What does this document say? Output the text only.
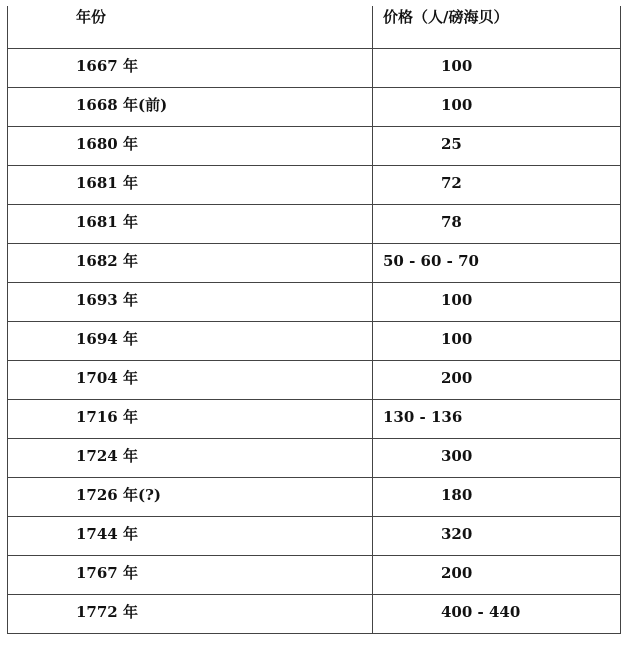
年份	价格（人/磅海贝）
1667 年	100
1668 年(前)	100
1680 年	25
1681 年	72
1681 年	78
1682 年	50 - 60 - 70
1693 年	100
1694 年	100
1704 年	200
1716 年	130 - 136
1724 年	300
1726 年(?)	180
1744 年	320
1767 年	200
1772 年	400 - 440
